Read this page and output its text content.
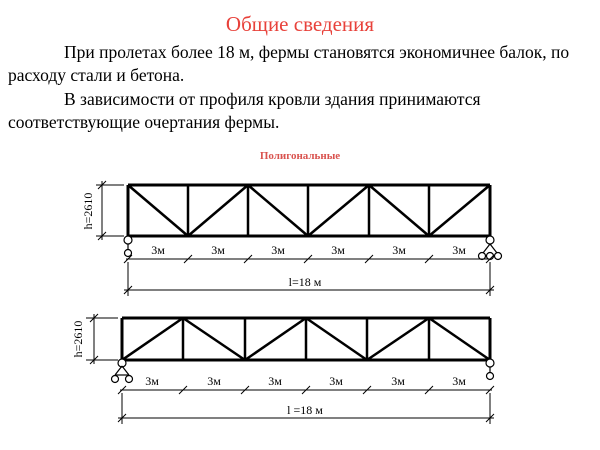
Общие сведения
При пролетах более 18 м, фермы становятся экономичнее балок, по расходу стали и бетона.
В зависимости от профиля кровли здания принимаются соответствующие очертания фермы.
Полигональные
h=2610
3м	3м	3м	3м	3м	3м
l=18 м
h=2610
3м	3м	3м	3м	3м	3м
l =18 м
